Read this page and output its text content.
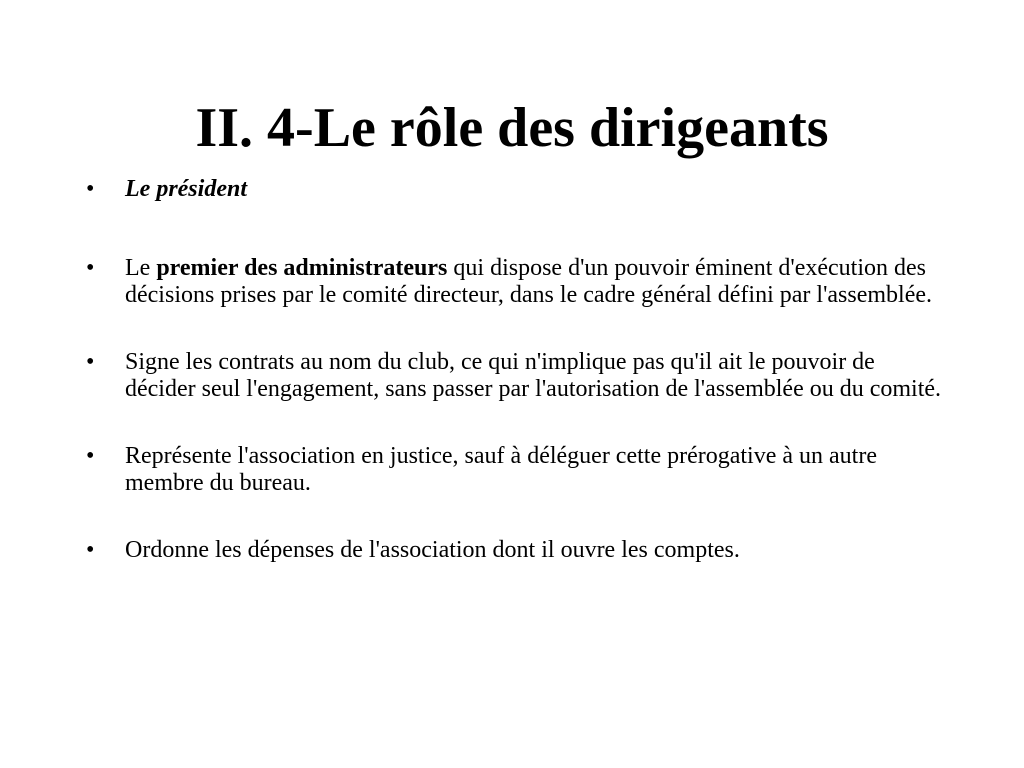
II. 4-Le rôle des dirigeants
• Le président
• Le premier des administrateurs qui dispose d'un pouvoir éminent d'exécution des décisions prises par le comité directeur, dans le cadre général défini par l'assemblée.
• Signe les contrats au nom du club, ce qui n'implique pas qu'il ait le pouvoir de décider seul l'engagement, sans passer par l'autorisation de l'assemblée ou du comité.
• Représente l'association en justice, sauf à déléguer cette prérogative à un autre membre du bureau.
• Ordonne les dépenses de l'association dont il ouvre les comptes.
